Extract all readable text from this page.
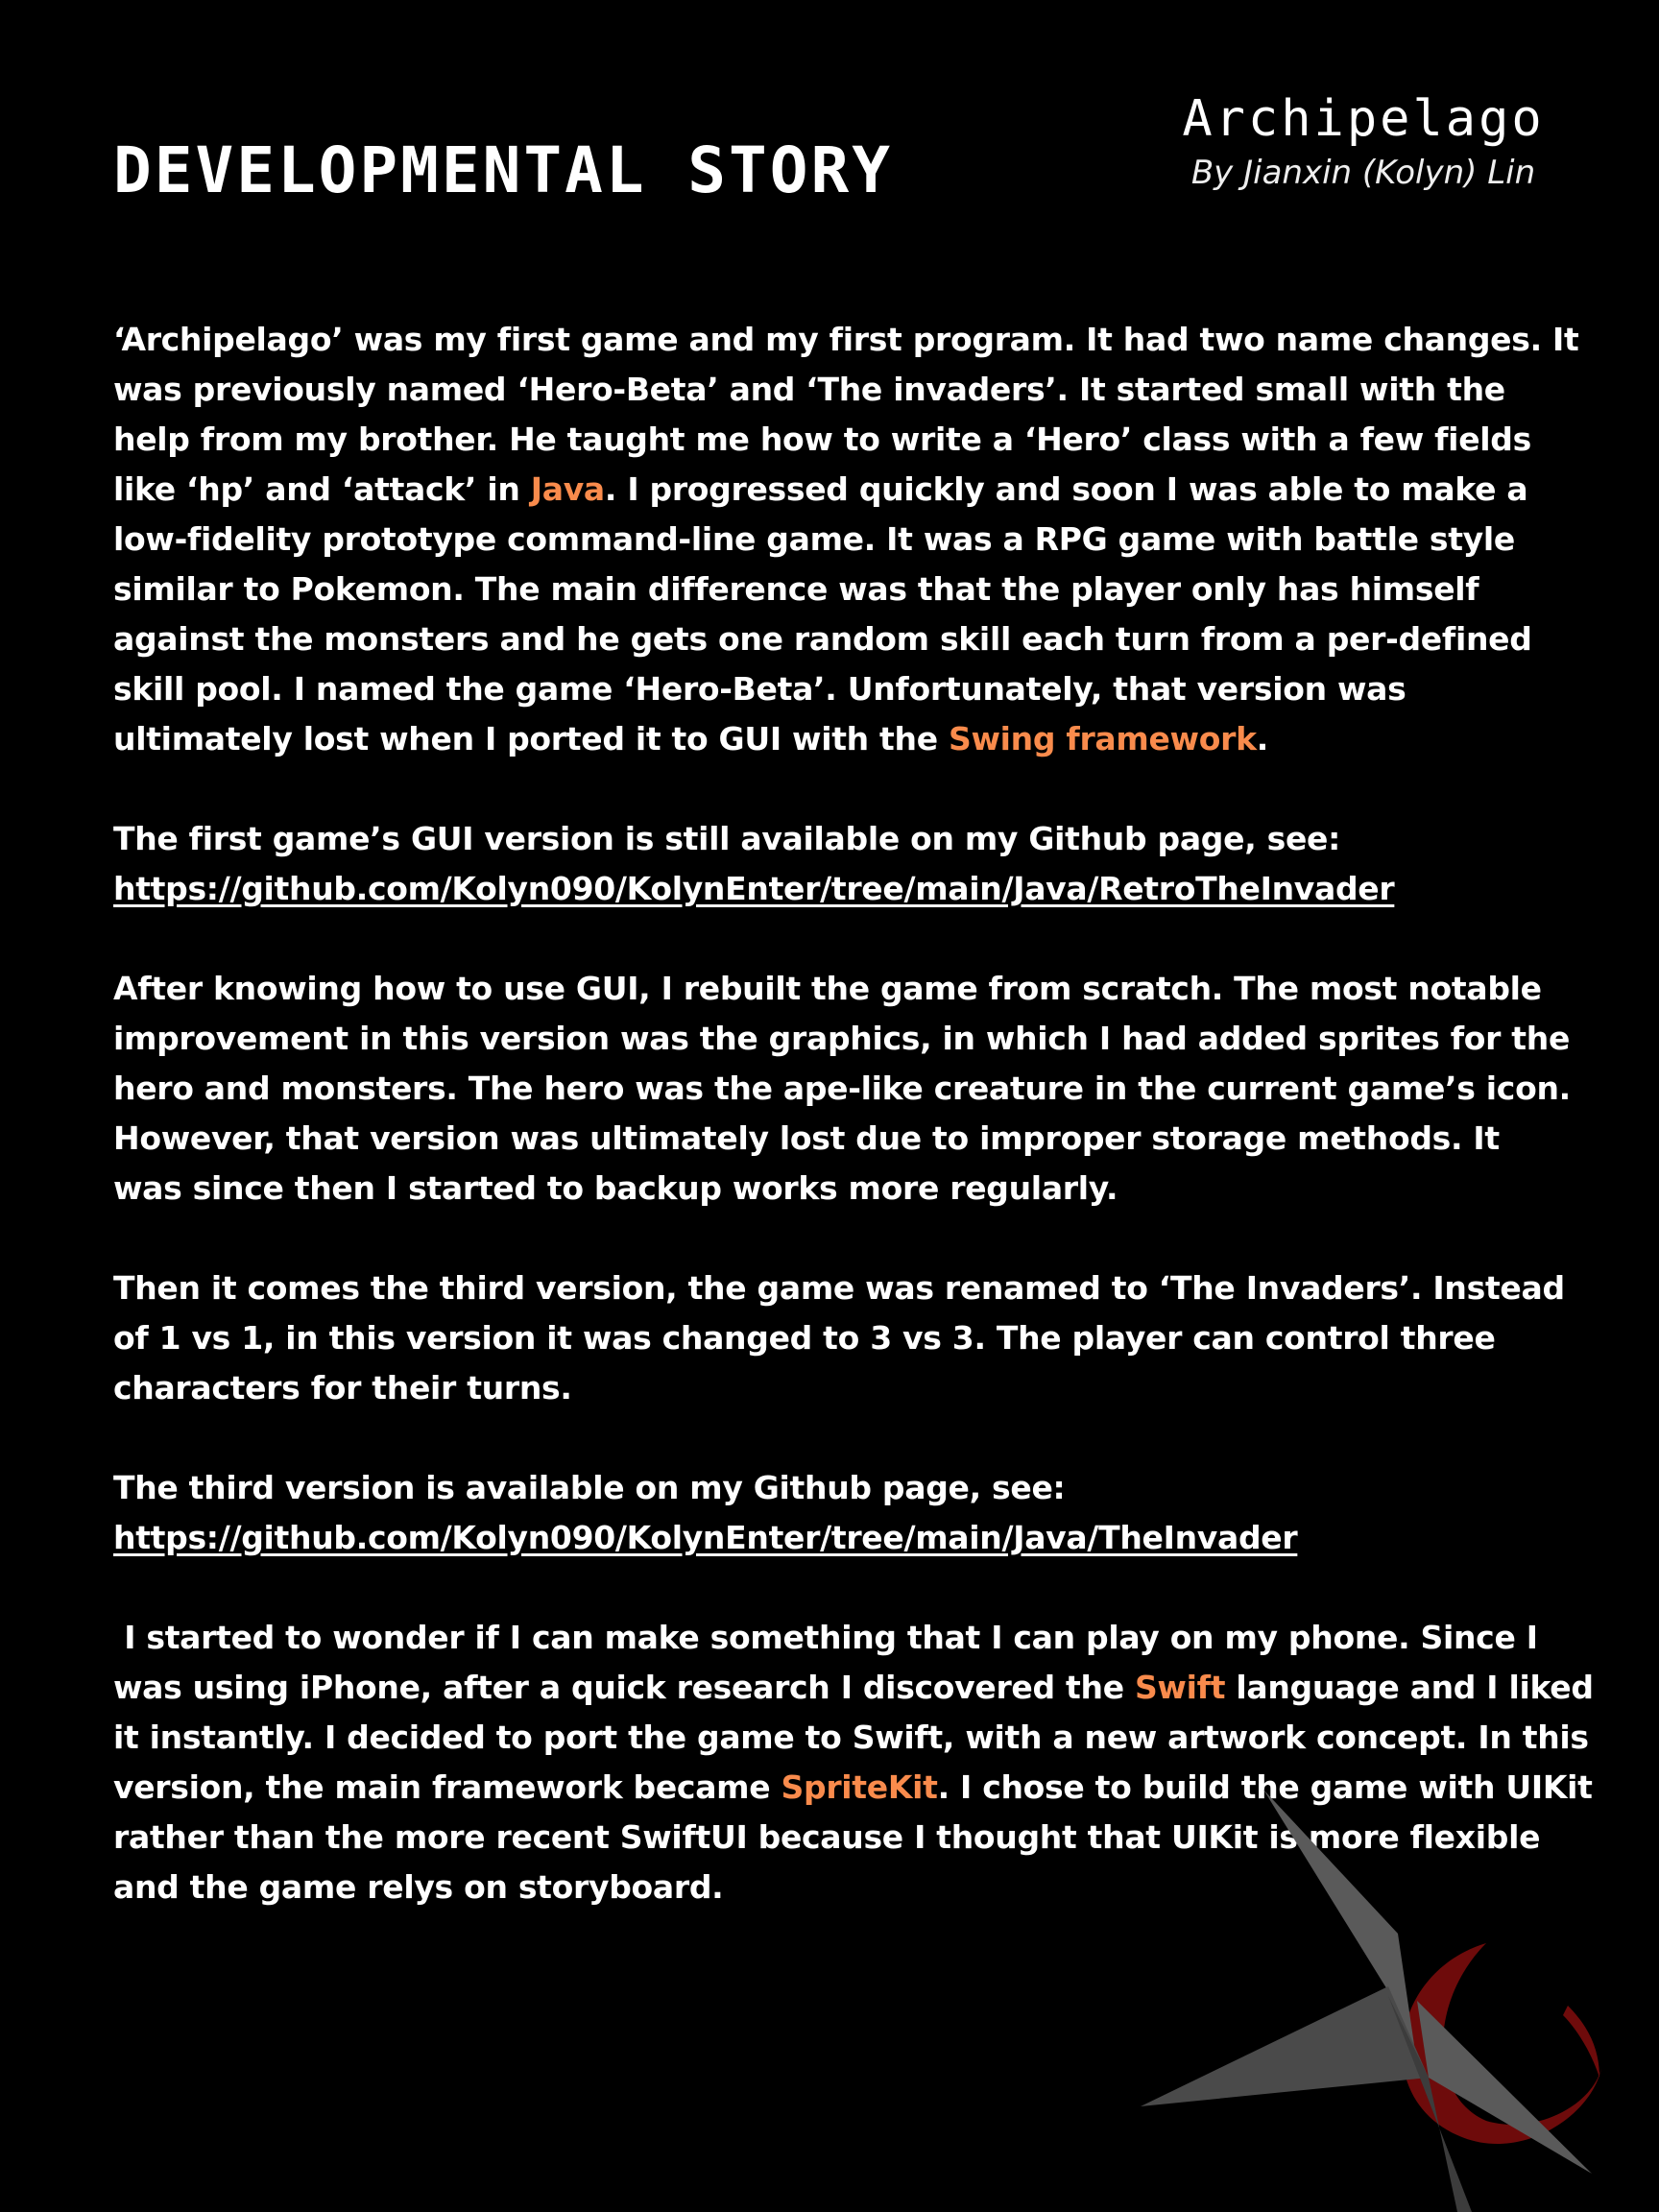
DEVELOPMENTAL STORY
Archipelago
By Jianxin (Kolyn) Lin

‘Archipelago’ was my first game and my first program. It had two name changes. It
was previously named ‘Hero-Beta’ and ‘The invaders’. It started small with the
help from my brother. He taught me how to write a ‘Hero’ class with a few fields
like ‘hp’ and ‘attack’ in Java. I progressed quickly and soon I was able to make a
low-fidelity prototype command-line game. It was a RPG game with battle style
similar to Pokemon. The main difference was that the player only has himself
against the monsters and he gets one random skill each turn from a per-defined
skill pool. I named the game ‘Hero-Beta’. Unfortunately, that version was
ultimately lost when I ported it to GUI with the Swing framework.

The first game’s GUI version is still available on my Github page, see:
https://github.com/Kolyn090/KolynEnter/tree/main/Java/RetroTheInvader

After knowing how to use GUI, I rebuilt the game from scratch. The most notable
improvement in this version was the graphics, in which I had added sprites for the
hero and monsters. The hero was the ape-like creature in the current game’s icon.
However, that version was ultimately lost due to improper storage methods. It
was since then I started to backup works more regularly.

Then it comes the third version, the game was renamed to ‘The Invaders’. Instead
of 1 vs 1, in this version it was changed to 3 vs 3. The player can control three
characters for their turns.

The third version is available on my Github page, see:
https://github.com/Kolyn090/KolynEnter/tree/main/Java/TheInvader

I started to wonder if I can make something that I can play on my phone. Since I
was using iPhone, after a quick research I discovered the Swift language and I liked
it instantly. I decided to port the game to Swift, with a new artwork concept. In this
version, the main framework became SpriteKit. I chose to build the game with UIKit
rather than the more recent SwiftUI because I thought that UIKit is more flexible
and the game relys on storyboard.
